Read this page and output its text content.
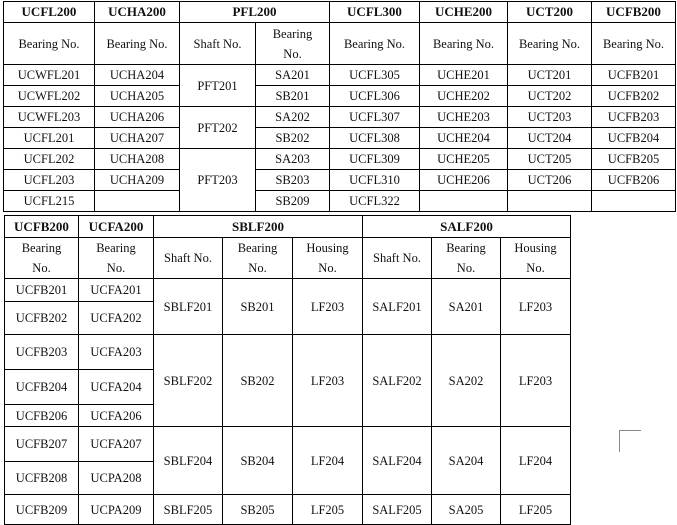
UCFL200	UCHA200	PFL200		UCFL300	UCHE200	UCT200	UCFB200
Bearing No.	Bearing No.	Shaft No.	Bearing No.	Bearing No.	Bearing No.	Bearing No.	Bearing No.
UCWFL201	UCHA204	PFT201	SA201	UCFL305	UCHE201	UCT201	UCFB201
UCWFL202	UCHA205		SB201	UCFL306	UCHE202	UCT202	UCFB202
UCWFL203	UCHA206	PFT202	SA202	UCFL307	UCHE203	UCT203	UCFB203
UCFL201	UCHA207		SB202	UCFL308	UCHE204	UCT204	UCFB204
UCFL202	UCHA208	PFT203	SA203	UCFL309	UCHE205	UCT205	UCFB205
UCFL203	UCHA209		SB203	UCFL310	UCHE206	UCT206	UCFB206
UCFL215			SB209	UCFL322			
UCFB200	UCFA200	SBLF200			SALF200		
Bearing No.	Bearing No.	Shaft No.	Bearing No.	Housing No.	Shaft No.	Bearing No.	Housing No.
UCFB201	UCFA201	SBLF201	SB201	LF203	SALF201	SA201	LF203
UCFB202	UCFA202						
UCFB203	UCFA203	SBLF202	SB202	LF203	SALF202	SA202	LF203
UCFB204	UCFA204						
UCFB206	UCFA206						
UCFB207	UCFA207	SBLF204	SB204	LF204	SALF204	SA204	LF204
UCFB208	UCPA208						
UCFB209	UCPA209	SBLF205	SB205	LF205	SALF205	SA205	LF205
